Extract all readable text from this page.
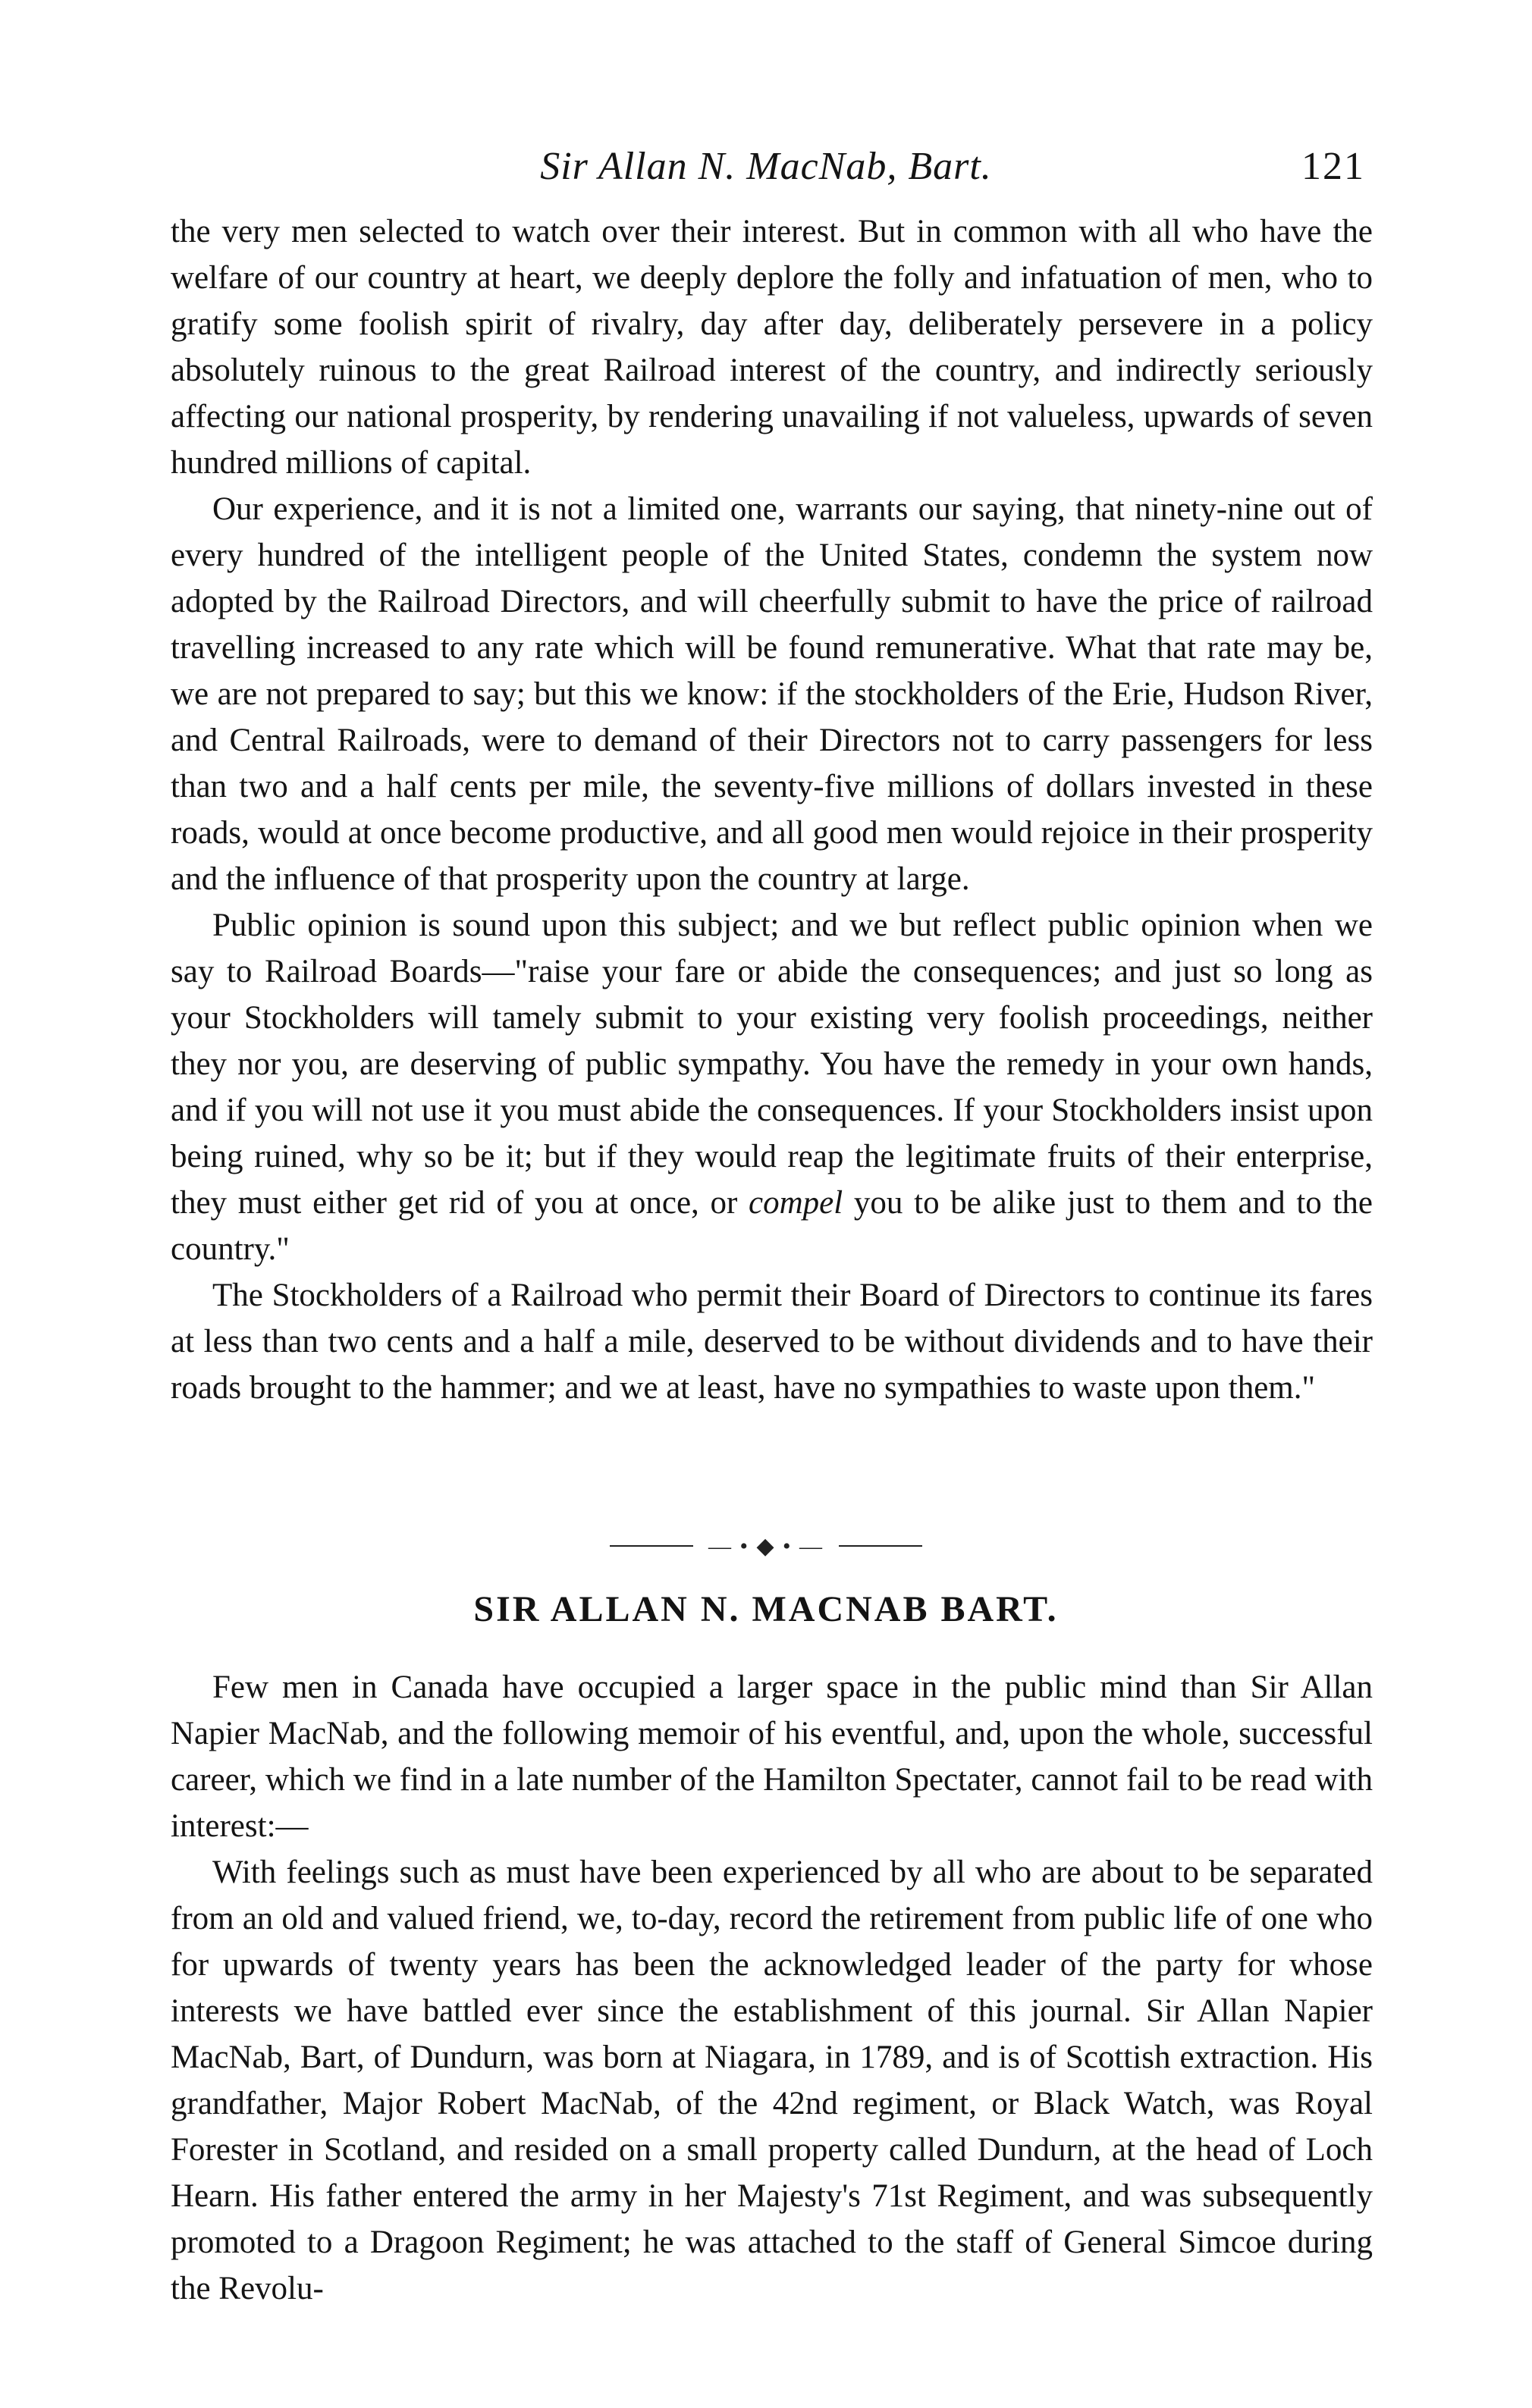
Sir Allan N. MacNab, Bart.	121

the very men selected to watch over their interest. But in common with all who have the welfare of our country at heart, we deeply deplore the folly and infatuation of men, who to gratify some foolish spirit of rivalry, day after day, deliberately persevere in a policy absolutely ruinous to the great Railroad interest of the country, and indirectly seriously affecting our national prosperity, by rendering unavailing if not valueless, upwards of seven hundred millions of capital.

Our experience, and it is not a limited one, warrants our saying, that ninety-nine out of every hundred of the intelligent people of the United States, condemn the system now adopted by the Railroad Directors, and will cheerfully submit to have the price of railroad travelling increased to any rate which will be found remunerative. What that rate may be, we are not prepared to say; but this we know: if the stockholders of the Erie, Hudson River, and Central Railroads, were to demand of their Directors not to carry passengers for less than two and a half cents per mile, the seventy-five millions of dollars invested in these roads, would at once become productive, and all good men would rejoice in their prosperity and the influence of that prosperity upon the country at large.

Public opinion is sound upon this subject; and we but reflect public opinion when we say to Railroad Boards—"raise your fare or abide the consequences; and just so long as your Stockholders will tamely submit to your existing very foolish proceedings, neither they nor you, are deserving of public sympathy. You have the remedy in your own hands, and if you will not use it you must abide the consequences. If your Stockholders insist upon being ruined, why so be it; but if they would reap the legitimate fruits of their enterprise, they must either get rid of you at once, or compel you to be alike just to them and to the country."

The Stockholders of a Railroad who permit their Board of Directors to continue its fares at less than two cents and a half a mile, deserved to be without dividends and to have their roads brought to the hammer; and we at least, have no sympathies to waste upon them."

— • ◆ • —
SIR ALLAN N. MACNAB BART.

Few men in Canada have occupied a larger space in the public mind than Sir Allan Napier MacNab, and the following memoir of his eventful, and, upon the whole, successful career, which we find in a late number of the Hamilton Spectater, cannot fail to be read with interest:—

With feelings such as must have been experienced by all who are about to be separated from an old and valued friend, we, to-day, record the retirement from public life of one who for upwards of twenty years has been the acknowledged leader of the party for whose interests we have battled ever since the establishment of this journal. Sir Allan Napier MacNab, Bart, of Dundurn, was born at Niagara, in 1789, and is of Scottish extraction. His grandfather, Major Robert MacNab, of the 42nd regiment, or Black Watch, was Royal Forester in Scotland, and resided on a small property called Dundurn, at the head of Loch Hearn. His father entered the army in her Majesty's 71st Regiment, and was subsequently promoted to a Dragoon Regiment; he was attached to the staff of General Simcoe during the Revolu-
